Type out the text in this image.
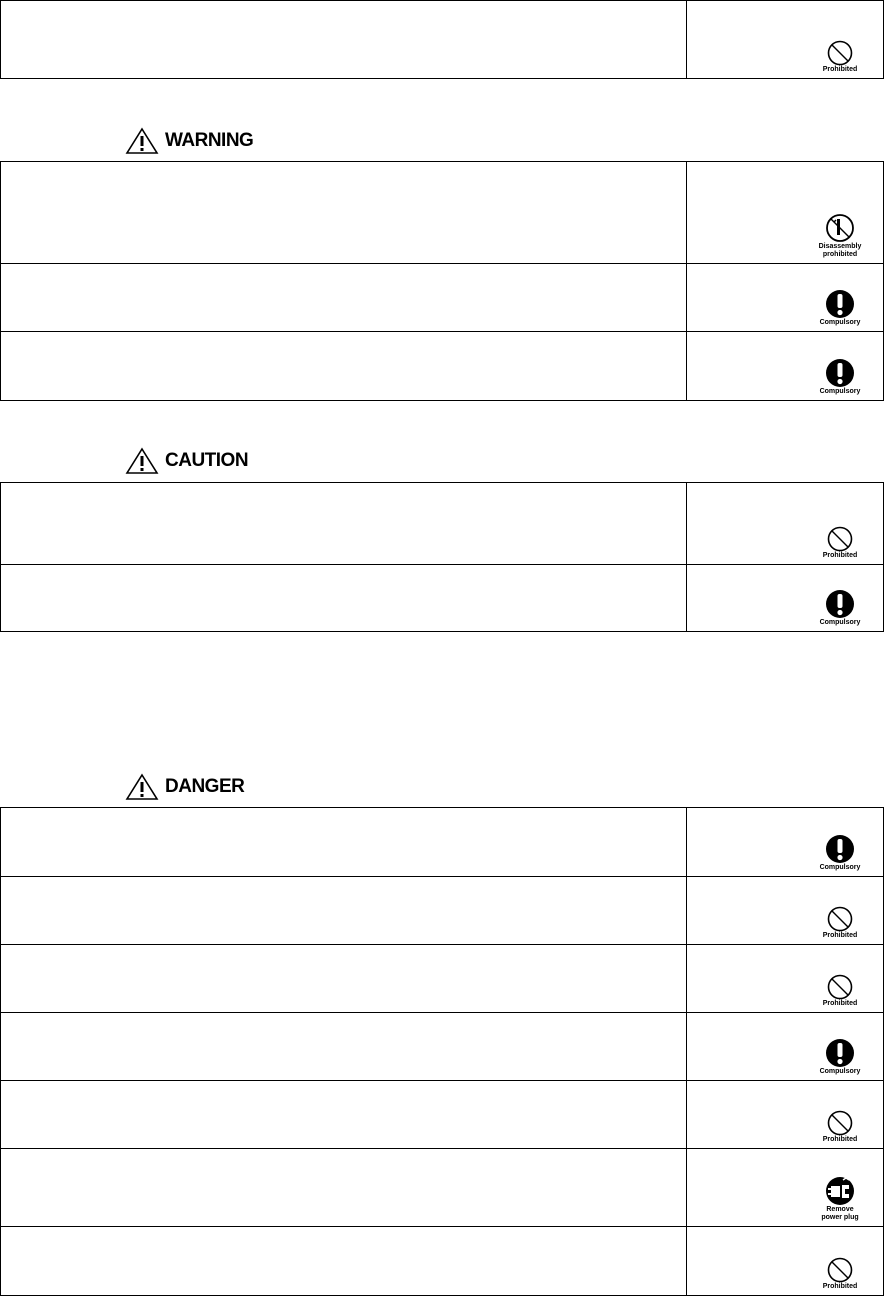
Prohibited
WARNING
Disassembly
prohibited
Compulsory
Compulsory
CAUTION
Prohibited
Compulsory
DANGER
Compulsory
Prohibited
Prohibited
Compulsory
Prohibited
Remove
power plug
Prohibited
